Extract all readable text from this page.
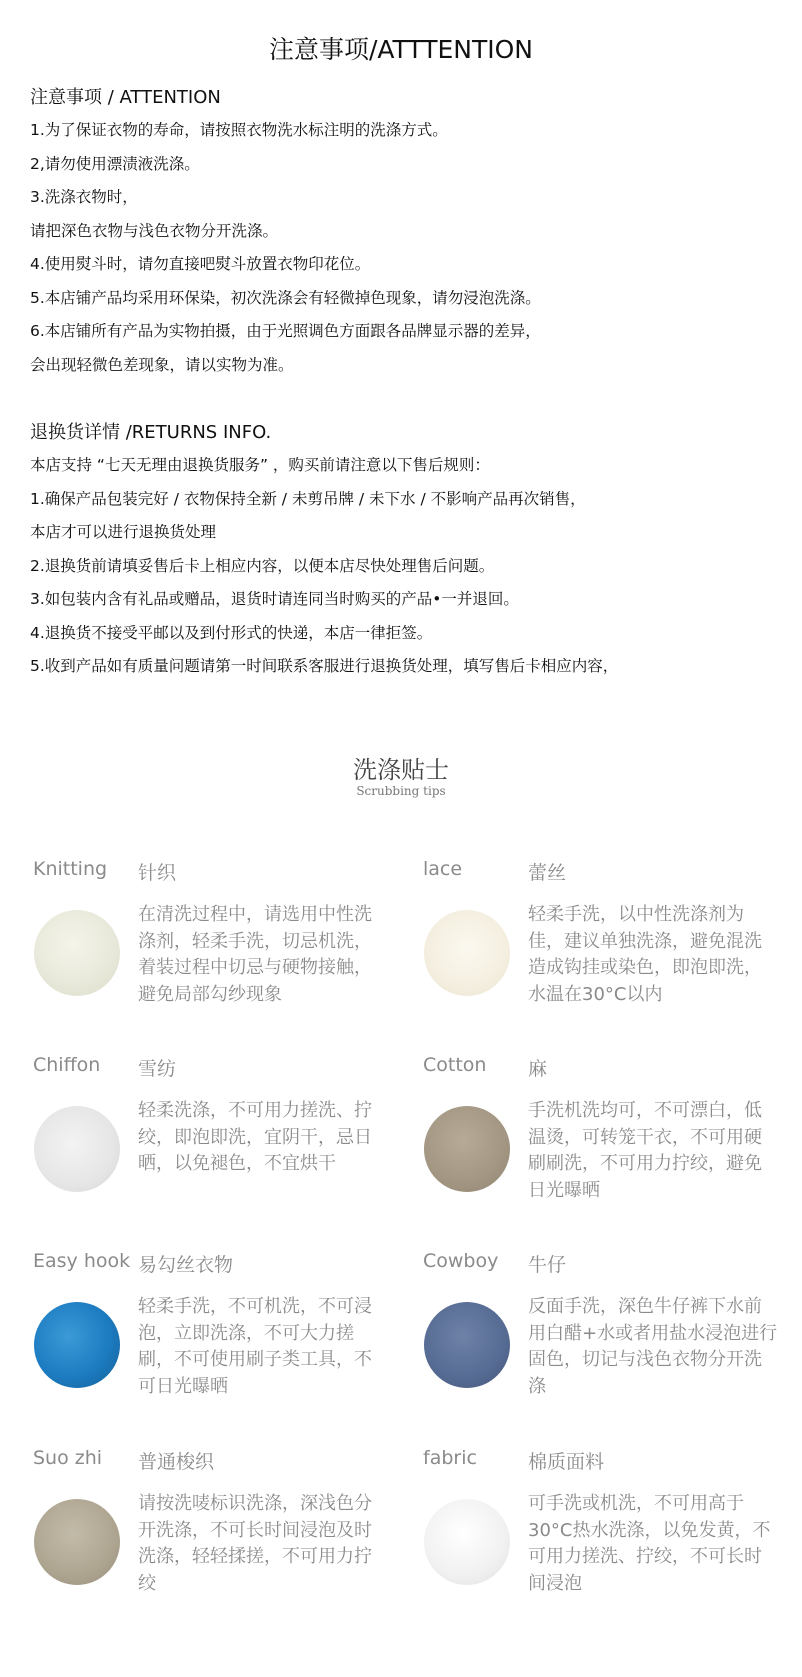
注意事项/ATTTENTION

注意事项 / ATTENTION

1.为了保证衣物的寿命，请按照衣物洗水标注明的洗涤方式。

2,请勿使用漂渍液洗涤。

3.洗涤衣物时，

请把深色衣物与浅色衣物分开洗涤。

4.使用熨斗时，请勿直接吧熨斗放置衣物印花位。

5.本店铺产品均采用环保染，初次洗涤会有轻微掉色现象，请勿浸泡洗涤。

6.本店铺所有产品为实物拍摄，由于光照调色方面跟各品牌显示器的差异，

会出现轻微色差现象，请以实物为准。

退换货详情 /RETURNS INFO.

本店支持 “七天无理由退换货服务” ，购买前请注意以下售后规则：

1.确保产品包装完好 / 衣物保持全新 / 未剪吊牌 / 未下水 / 不影响产品再次销售，

本店才可以进行退换货处理

2.退换货前请填妥售后卡上相应内容，以便本店尽快处理售后问题。

3.如包装内含有礼品或赠品，退货时请连同当时购买的产品•一并退回。

4.退换货不接受平邮以及到付形式的快递，本店一律拒签。

5.收到产品如有质量问题请第一时间联系客服进行退换货处理，填写售后卡相应内容，

洗涤贴士
Scrubbing tips
Knitting 针织
在清洗过程中，请选用中性洗涤剂，轻柔手洗，切忌机洗，着装过程中切忌与硬物接触，避免局部勾纱现象
lace	蕾丝
轻柔手洗，以中性洗涤剂为佳，建议单独洗涤，避免混洗造成钩挂或染色，即泡即洗，水温在30°C以内
Chiffon 雪纺
轻柔洗涤，不可用力搓洗、拧绞，即泡即洗，宜阴干，忌日晒，以免褪色，不宜烘干
Cotton 麻
手洗机洗均可，不可漂白，低温烫，可转笼干衣，不可用硬刷刷洗，不可用力拧绞，避免日光曝晒
Easy hook 易勾丝衣物
轻柔手洗，不可机洗，不可浸泡，立即洗涤，不可大力搓刷，不可使用刷子类工具，不可日光曝晒
Cowboy 牛仔
反面手洗，深色牛仔裤下水前用白醋+水或者用盐水浸泡进行固色，切记与浅色衣物分开洗涤
Suo zhi 普通梭织
请按洗唛标识洗涤，深浅色分开洗涤，不可长时间浸泡及时洗涤，轻轻揉搓，不可用力拧绞
fabric	棉质面料
可手洗或机洗，不可用高于30°C热水洗涤，以免发黄，不可用力搓洗、拧绞，不可长时间浸泡
